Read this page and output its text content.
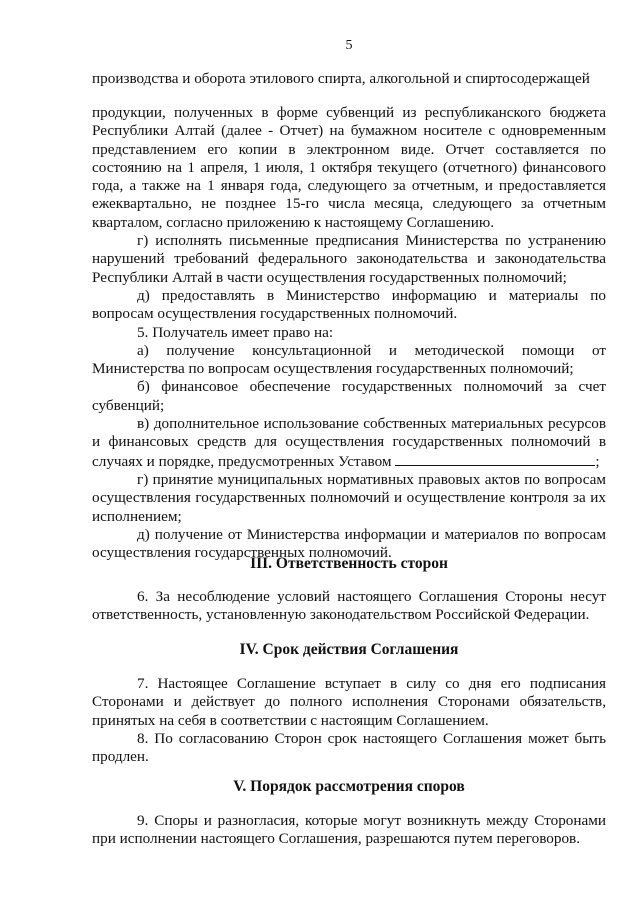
5

производства и оборота этилового спирта, алкогольной и спиртосодержащей

продукции, полученных в форме субвенций из республиканского бюджета Республики Алтай (далее - Отчет) на бумажном носителе с одновременным представлением его копии в электронном виде. Отчет составляется по состоянию на 1 апреля, 1 июля, 1 октября текущего (отчетного) финансового года, а также на 1 января года, следующего за отчетным, и предоставляется ежеквартально, не позднее 15-го числа месяца, следующего за отчетным кварталом, согласно приложению к настоящему Соглашению.

г) исполнять письменные предписания Министерства по устранению нарушений требований федерального законодательства и законодательства Республики Алтай в части осуществления государственных полномочий;

д) предоставлять в Министерство информацию и материалы по вопросам осуществления государственных полномочий.

5. Получатель имеет право на:

а) получение консультационной и методической помощи от Министерства по вопросам осуществления государственных полномочий;

б) финансовое обеспечение государственных полномочий за счет субвенций;

в) дополнительное использование собственных материальных ресурсов и финансовых средств для осуществления государственных полномочий в случаях и порядке, предусмотренных Уставом	;

г) принятие муниципальных нормативных правовых актов по вопросам осуществления государственных полномочий и осуществление контроля за их исполнением;

д) получение от Министерства информации и материалов по вопросам осуществления государственных полномочий.

III. Ответственность сторон

6. За несоблюдение условий настоящего Соглашения Стороны несут ответственность, установленную законодательством Российской Федерации.

IV. Срок действия Соглашения

7. Настоящее Соглашение вступает в силу со дня его подписания Сторонами и действует до полного исполнения Сторонами обязательств, принятых на себя в соответствии с настоящим Соглашением.

8. По согласованию Сторон срок настоящего Соглашения может быть продлен.

V. Порядок рассмотрения споров

9. Споры и разногласия, которые могут возникнуть между Сторонами при исполнении настоящего Соглашения, разрешаются путем переговоров.
